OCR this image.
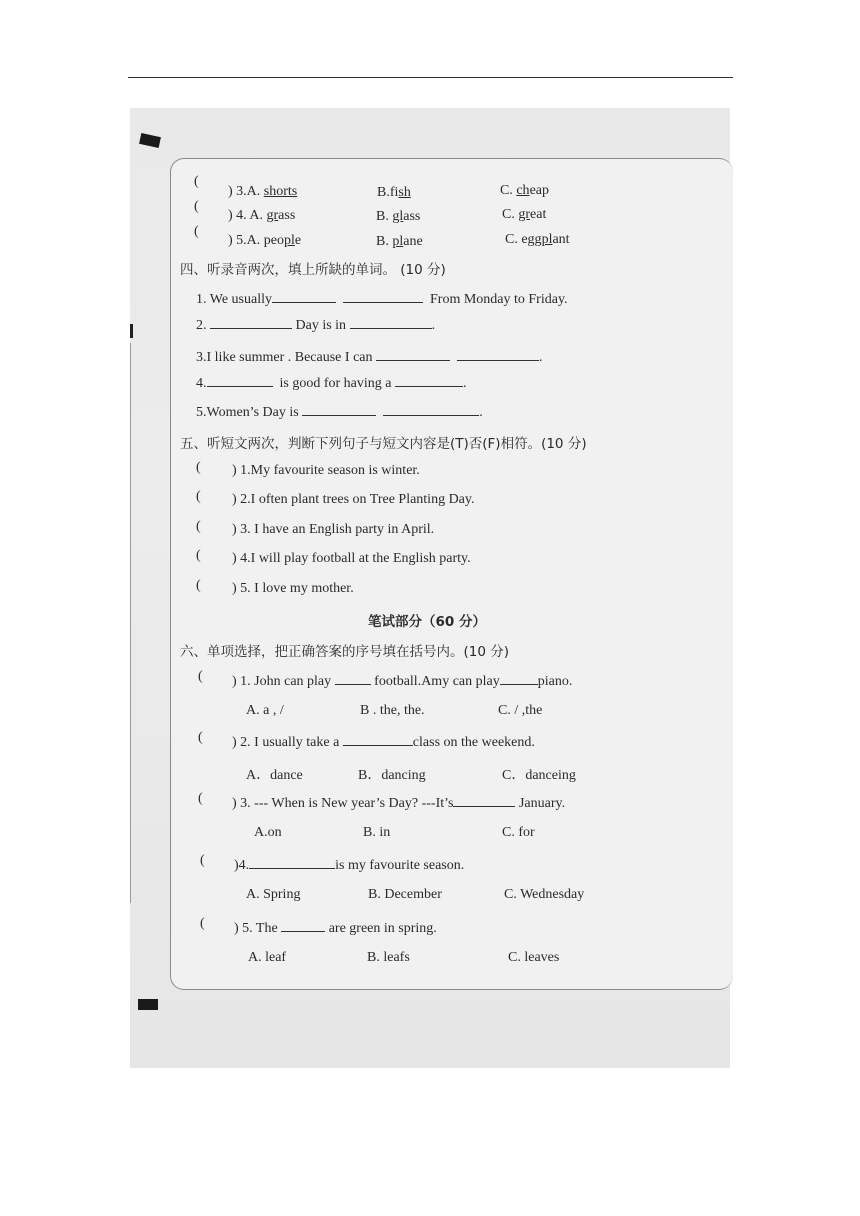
(
) 3.A. shorts	B.fish	C. cheap
(
) 4. A. grass	B. glass	C. great
(
) 5.A. people	B. plane	C. eggplant
四、听录音两次，填上所缺的单词。 (10 分)
1. We usually	From Monday to Friday.
2.	Day is in	.
3.I like summer . Because I can	.
4.	is good for having a	.
5.Women’s Day is	.
五、听短文两次，判断下列句子与短文内容是(T)否(F)相符。(10 分)
( ) 1.My favourite season is winter.
( ) 2.I often plant trees on Tree Planting Day.
( ) 3. I have an English party in April.
( ) 4.I will play football at the English party.
( ) 5. I love my mother.
笔试部分（60 分）
六、单项选择，把正确答案的序号填在括号内。(10 分)
( ) 1. John can play	football.Amy can play	piano.
A. a , /	B . the, the.	C. / ,the
( ) 2. I usually take a	class on the weekend.
A．dance	B．dancing	C．danceing
( ) 3. --- When is New year’s Day? ---It’s	January.
A.on	B. in	C. for
( )4.	is my favourite season.
A. Spring	B. December	C. Wednesday
( ) 5. The	are green in spring.
A. leaf	B. leafs	C. leaves
